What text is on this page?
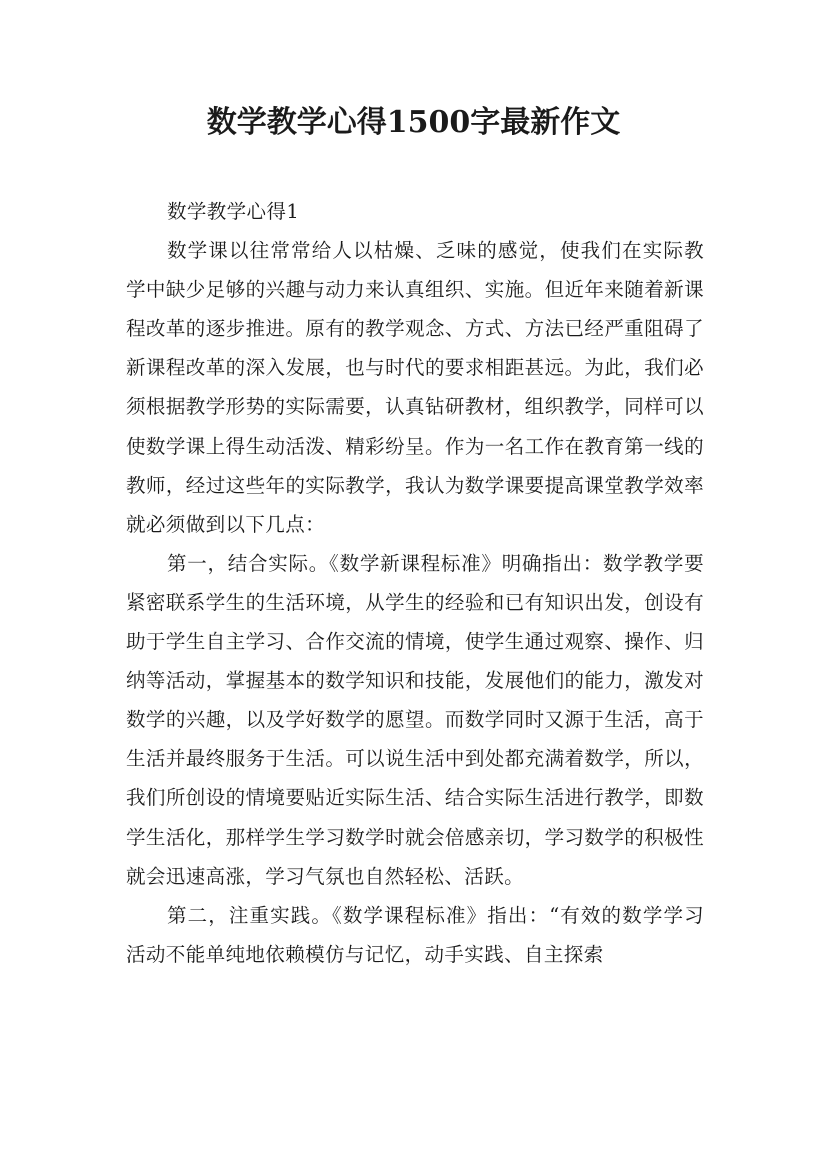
数学教学心得1500字最新作文

数学教学心得1

数学课以往常常给人以枯燥、乏味的感觉，使我们在实际教学中缺少足够的兴趣与动力来认真组织、实施。但近年来随着新课程改革的逐步推进。原有的教学观念、方式、方法已经严重阻碍了新课程改革的深入发展，也与时代的要求相距甚远。为此，我们必须根据教学形势的实际需要，认真钻研教材，组织教学，同样可以使数学课上得生动活泼、精彩纷呈。作为一名工作在教育第一线的教师，经过这些年的实际教学，我认为数学课要提高课堂教学效率就必须做到以下几点：

第一，结合实际。《数学新课程标准》明确指出：数学教学要紧密联系学生的生活环境，从学生的经验和已有知识出发，创设有助于学生自主学习、合作交流的情境，使学生通过观察、操作、归纳等活动，掌握基本的数学知识和技能，发展他们的能力，激发对数学的兴趣，以及学好数学的愿望。而数学同时又源于生活，高于生活并最终服务于生活。可以说生活中到处都充满着数学，所以，我们所创设的情境要贴近实际生活、结合实际生活进行教学，即数学生活化，那样学生学习数学时就会倍感亲切，学习数学的积极性就会迅速高涨，学习气氛也自然轻松、活跃。

第二，注重实践。《数学课程标准》指出：“有效的数学学习活动不能单纯地依赖模仿与记忆，动手实践、自主探索
